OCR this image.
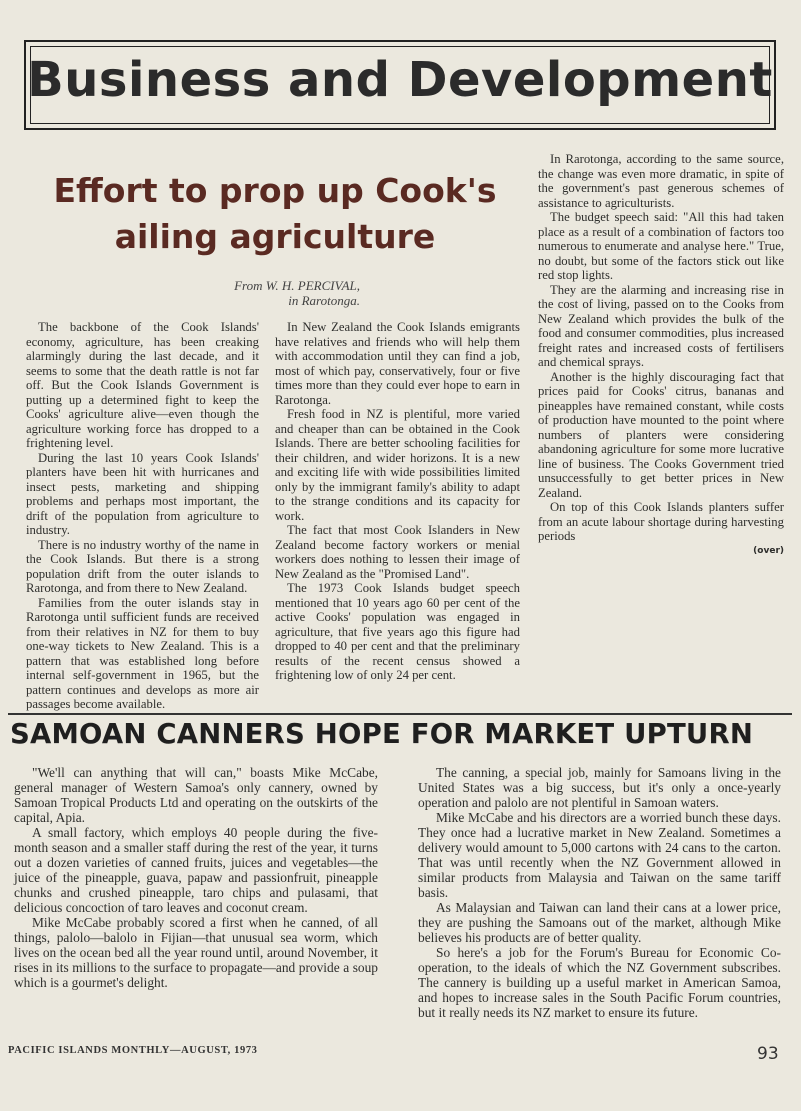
Business and Development
Effort to prop up Cook's ailing agriculture
From W. H. PERCIVAL,
in Rarotonga.

The backbone of the Cook Islands' economy, agriculture, has been creaking alarmingly during the last decade, and it seems to some that the death rattle is not far off. But the Cook Islands Government is putting up a determined fight to keep the Cooks' agriculture alive—even though the agriculture working force has dropped to a frightening level.

During the last 10 years Cook Islands' planters have been hit with hurricanes and insect pests, marketing and shipping problems and perhaps most important, the drift of the population from agriculture to industry.

There is no industry worthy of the name in the Cook Islands. But there is a strong population drift from the outer islands to Rarotonga, and from there to New Zealand.

Families from the outer islands stay in Rarotonga until sufficient funds are received from their relatives in NZ for them to buy one-way tickets to New Zealand. This is a pattern that was established long before internal self-government in 1965, but the pattern continues and develops as more air passages become available.

In New Zealand the Cook Islands emigrants have relatives and friends who will help them with accommodation until they can find a job, most of which pay, conservatively, four or five times more than they could ever hope to earn in Rarotonga.

Fresh food in NZ is plentiful, more varied and cheaper than can be obtained in the Cook Islands. There are better schooling facilities for their children, and wider horizons. It is a new and exciting life with wide possibilities limited only by the immigrant family's ability to adapt to the strange conditions and its capacity for work.

The fact that most Cook Islanders in New Zealand become factory workers or menial workers does nothing to lessen their image of New Zealand as the "Promised Land".

The 1973 Cook Islands budget speech mentioned that 10 years ago 60 per cent of the active Cooks' population was engaged in agriculture, that five years ago this figure had dropped to 40 per cent and that the preliminary results of the recent census showed a frightening low of only 24 per cent.

In Rarotonga, according to the same source, the change was even more dramatic, in spite of the government's past generous schemes of assistance to agriculturists.

The budget speech said: "All this had taken place as a result of a combination of factors too numerous to enumerate and analyse here." True, no doubt, but some of the factors stick out like red stop lights.

They are the alarming and increasing rise in the cost of living, passed on to the Cooks from New Zealand which provides the bulk of the food and consumer commodities, plus increased freight rates and increased costs of fertilisers and chemical sprays.

Another is the highly discouraging fact that prices paid for Cooks' citrus, bananas and pineapples have remained constant, while costs of production have mounted to the point where numbers of planters were considering abandoning agriculture for some more lucrative line of business. The Cooks Government tried unsuccessfully to get better prices in New Zealand.

On top of this Cook Islands planters suffer from an acute labour shortage during harvesting periods

(over)
SAMOAN CANNERS HOPE FOR MARKET UPTURN

"We'll can anything that will can," boasts Mike McCabe, general manager of Western Samoa's only cannery, owned by Samoan Tropical Products Ltd and operating on the outskirts of the capital, Apia.

A small factory, which employs 40 people during the five-month season and a smaller staff during the rest of the year, it turns out a dozen varieties of canned fruits, juices and vegetables—the juice of the pineapple, guava, papaw and passionfruit, pineapple chunks and crushed pineapple, taro chips and pulasami, that delicious concoction of taro leaves and coconut cream.

Mike McCabe probably scored a first when he canned, of all things, palolo—balolo in Fijian—that unusual sea worm, which lives on the ocean bed all the year round until, around November, it rises in its millions to the surface to propagate—and provide a soup which is a gourmet's delight.

The canning, a special job, mainly for Samoans living in the United States was a big success, but it's only a once-yearly operation and palolo are not plentiful in Samoan waters.

Mike McCabe and his directors are a worried bunch these days. They once had a lucrative market in New Zealand. Sometimes a delivery would amount to 5,000 cartons with 24 cans to the carton. That was until recently when the NZ Government allowed in similar products from Malaysia and Taiwan on the same tariff basis.

As Malaysian and Taiwan can land their cans at a lower price, they are pushing the Samoans out of the market, although Mike believes his products are of better quality.

So here's a job for the Forum's Bureau for Economic Co-operation, to the ideals of which the NZ Government subscribes. The cannery is building up a useful market in American Samoa, and hopes to increase sales in the South Pacific Forum countries, but it really needs its NZ market to ensure its future.

PACIFIC ISLANDS MONTHLY—AUGUST, 1973	93
